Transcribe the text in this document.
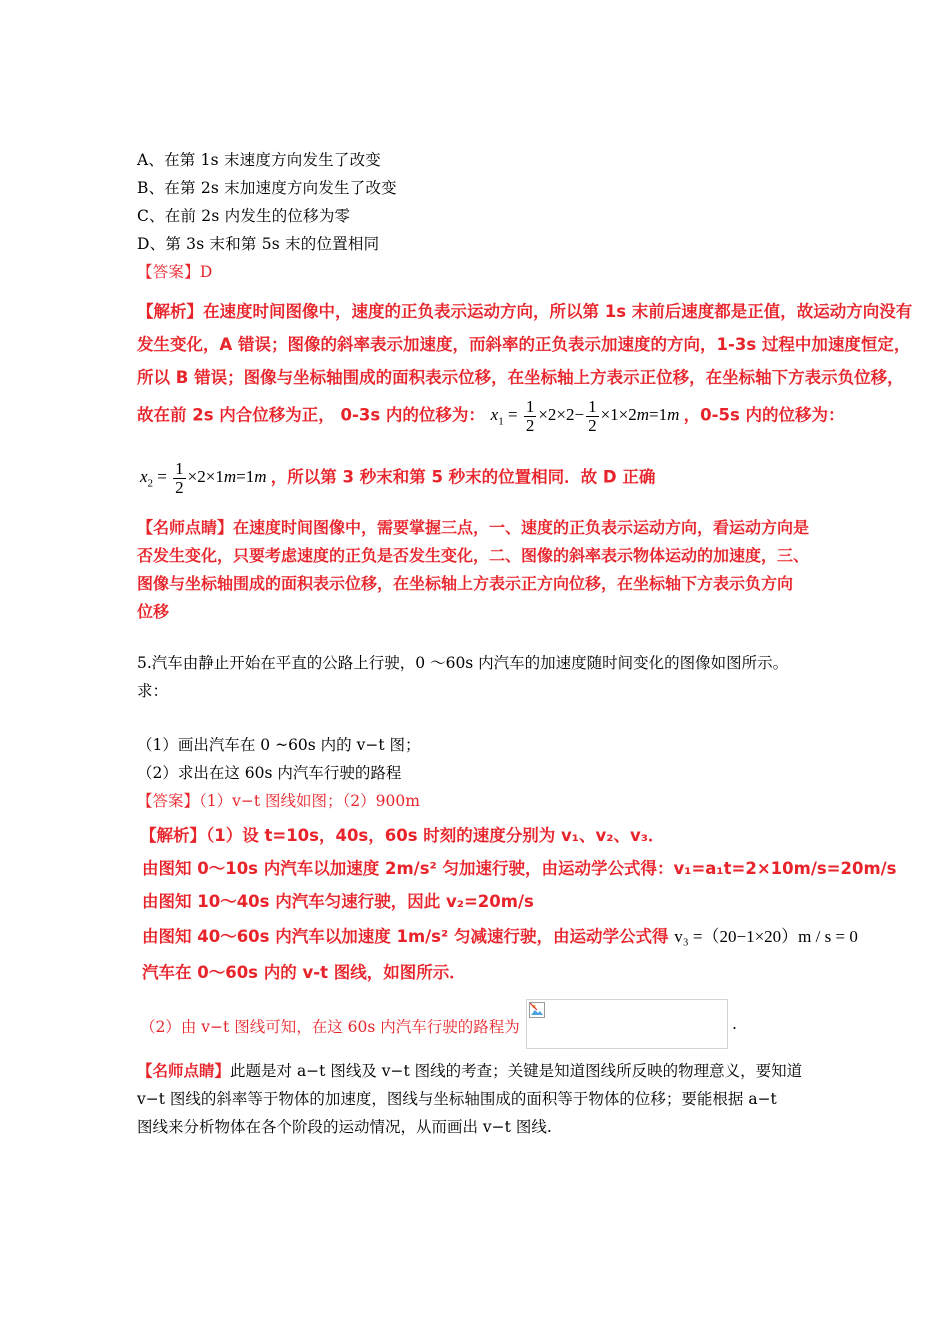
A、在第 1s 末速度方向发生了改变
B、在第 2s 末加速度方向发生了改变
C、在前 2s 内发生的位移为零
D、第 3s 末和第 5s 末的位置相同
【答案】D
【解析】在速度时间图像中，速度的正负表示运动方向，所以第 1s 末前后速度都是正值，故运动方向没有
发生变化，A 错误；图像的斜率表示加速度，而斜率的正负表示加速度的方向，1-3s 过程中加速度恒定，
所以 B 错误；图像与坐标轴围成的面积表示位移，在坐标轴上方表示正位移，在坐标轴下方表示负位移，
故在前 2s 内合位移为正， 0-3s 内的位移为： $x_1 = \frac{1}{2} \times 2\times 2- \frac{1}{2} \times 1\times 2m=1m$ ，0-5s 内的位移为：
$x_2 = \frac{1}{2} \times 2\times 1m=1m$ ，所以第 3 秒末和第 5 秒末的位置相同．故 D 正确
【名师点睛】在速度时间图像中，需要掌握三点，一、速度的正负表示运动方向，看运动方向是
否发生变化，只要考虑速度的正负是否发生变化，二、图像的斜率表示物体运动的加速度，三、
图像与坐标轴围成的面积表示位移，在坐标轴上方表示正方向位移，在坐标轴下方表示负方向
位移
5.汽车由静止开始在平直的公路上行驶，0 ～60s 内汽车的加速度随时间变化的图像如图所示。
求：
（1）画出汽车在 0 ~60s 内的 v−t 图；
（2）求出在这 60s 内汽车行驶的路程
【答案】（1）v−t 图线如图；（2）900m
【解析】（1）设 t=10s，40s，60s 时刻的速度分别为 v₁、v₂、v₃．
由图知 0～10s 内汽车以加速度 2m/s² 匀加速行驶，由运动学公式得：v₁=a₁t=2×10m/s=20m/s
由图知 10～40s 内汽车匀速行驶，因此 v₂=20m/s
由图知 40～60s 内汽车以加速度 1m/s² 匀减速行驶，由运动学公式得 v₃ =（20−1×20）m / s = 0
汽车在 0～60s 内的 v-t 图线，如图所示．
（2）由 v−t 图线可知，在这 60s 内汽车行驶的路程为	.
【名师点睛】此题是对 a−t 图线及 v−t 图线的考查；关键是知道图线所反映的物理意义，要知道
v−t 图线的斜率等于物体的加速度，图线与坐标轴围成的面积等于物体的位移；要能根据 a−t
图线来分析物体在各个阶段的运动情况，从而画出 v−t 图线.
